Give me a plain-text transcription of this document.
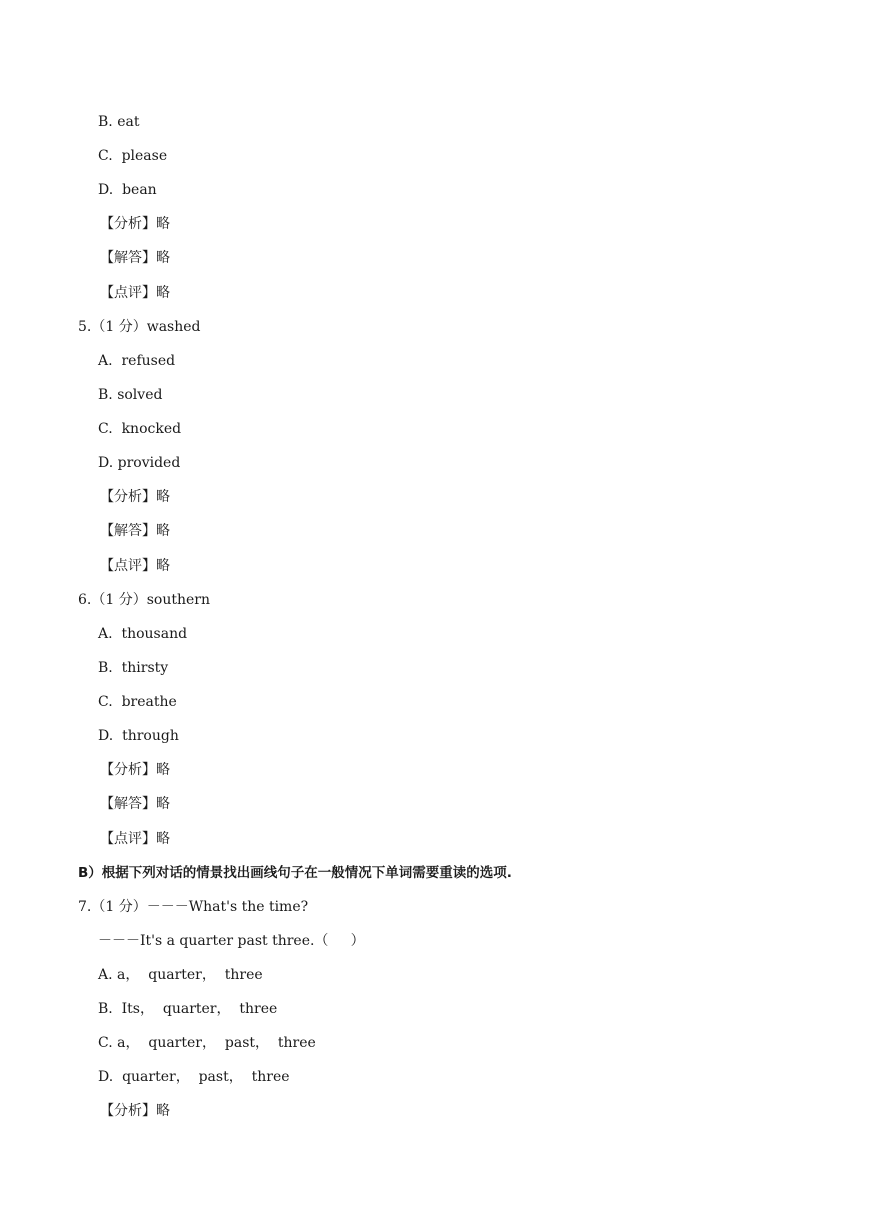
B. eat
C.  please
D.  bean
【分析】略
【解答】略
【点评】略
5.（1 分）washed
A.  refused
B. solved
C.  knocked
D. provided
【分析】略
【解答】略
【点评】略
6.（1 分）southern
A.  thousand
B.  thirsty
C.  breathe
D.  through
【分析】略
【解答】略
【点评】略
B）根据下列对话的情景找出画线句子在一般情况下单词需要重读的选项.
7.（1 分）－－－What's the time?
－－－It's a quarter past three.（     ）
A. a，  quarter，  three
B.  Its，  quarter，  three
C. a，  quarter，  past，  three
D.  quarter，  past，  three
【分析】略
